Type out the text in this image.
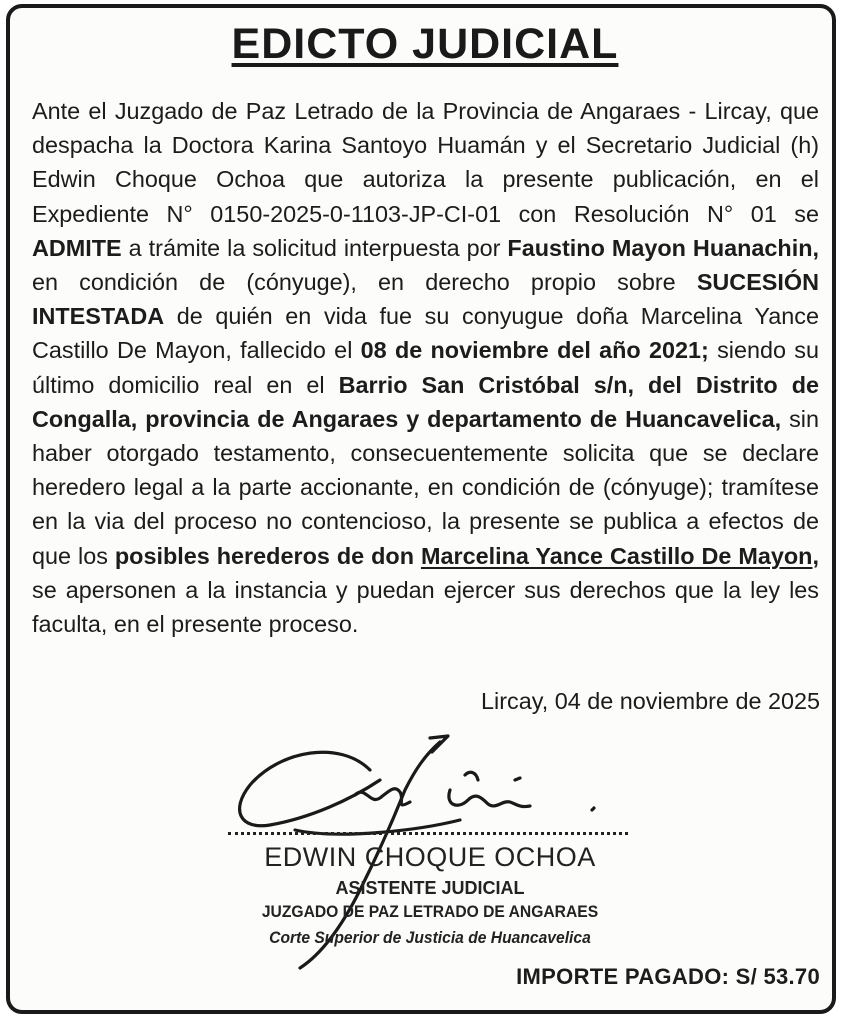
EDICTO JUDICIAL

Ante el Juzgado de Paz Letrado de la Provincia de Angaraes - Lircay, que despacha la Doctora Karina Santoyo Huamán y el Secretario Judicial (h) Edwin Choque Ochoa que autoriza la presente publicación, en el Expediente N° 0150-2025-0-1103-JP-CI-01 con Resolución N° 01 se ADMITE a trámite la solicitud interpuesta por Faustino Mayon Huanachin, en condición de (cónyuge), en derecho propio sobre SUCESIÓN INTESTADA de quién en vida fue su conyugue doña Marcelina Yance Castillo De Mayon, fallecido el 08 de noviembre del año 2021; siendo su último domicilio real en el Barrio San Cristóbal s/n, del Distrito de Congalla, provincia de Angaraes y departamento de Huancavelica, sin haber otorgado testamento, consecuentemente solicita que se declare heredero legal a la parte accionante, en condición de (cónyuge); tramítese en la via del proceso no contencioso, la presente se publica a efectos de que los posibles herederos de don Marcelina Yance Castillo De Mayon, se apersonen a la instancia y puedan ejercer sus derechos que la ley les faculta, en el presente proceso.

Lircay, 04 de noviembre de 2025
EDWIN CHOQUE OCHOA
ASISTENTE JUDICIAL
JUZGADO DE PAZ LETRADO DE ANGARAES
Corte Superior de Justicia de Huancavelica
IMPORTE PAGADO: S/ 53.70
